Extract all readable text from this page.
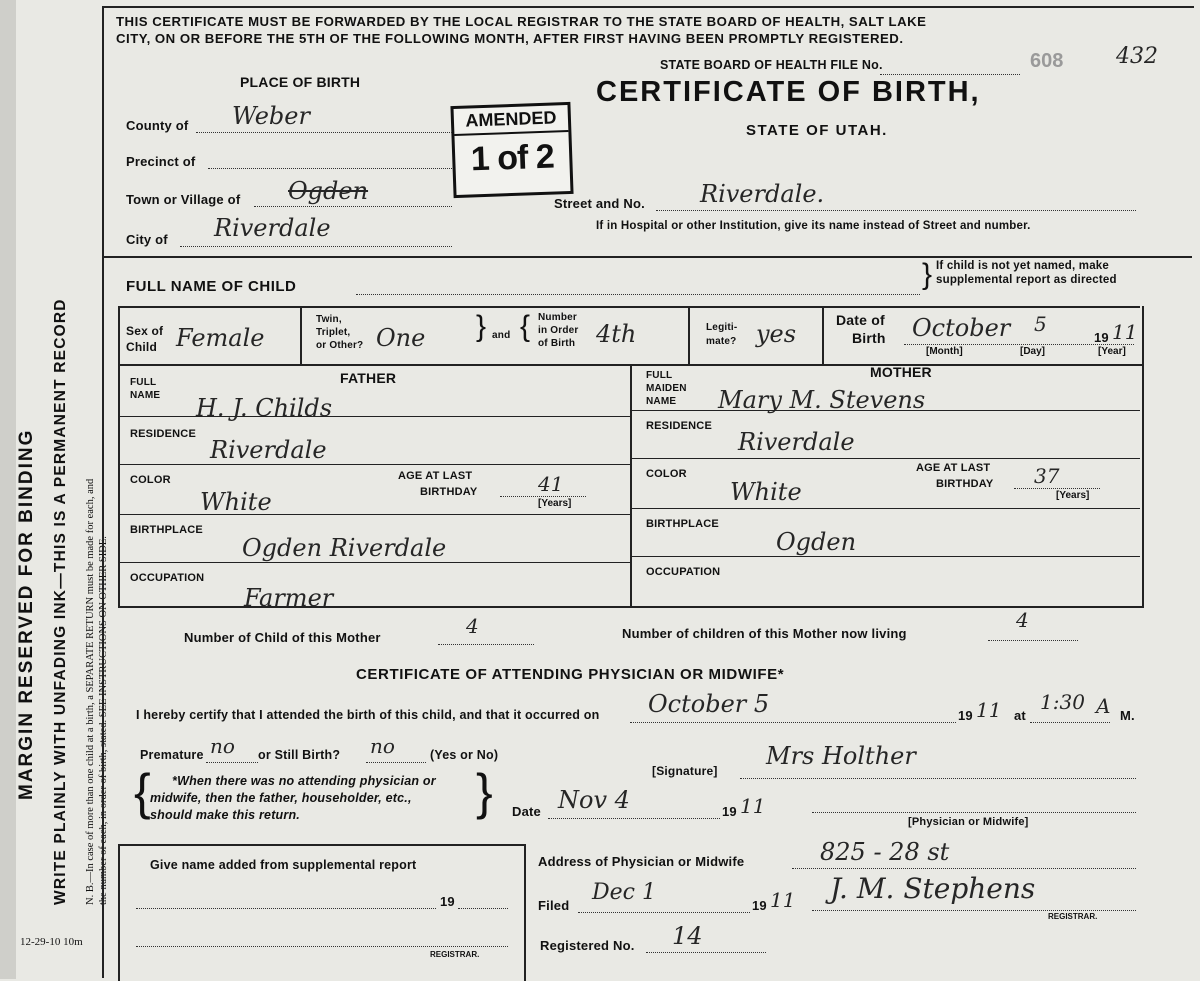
MARGIN RESERVED FOR BINDING WRITE PLAINLY WITH UNFADING INK—THIS IS A PERMANENT RECORD	N. B.—In case of more than one child at a birth, a SEPARATE RETURN must be made for each, and the number of each, in order of birth, stated. SEE INSTRUCTIONS ON OTHER SIDE.
12-29-10 10m
THIS CERTIFICATE MUST BE FORWARDED BY THE LOCAL REGISTRAR TO THE STATE BOARD OF HEALTH, SALT LAKE
CITY, ON OR BEFORE THE 5TH OF THE FOLLOWING MONTH, AFTER FIRST HAVING BEEN PROMPTLY REGISTERED.
STATE BOARD OF HEALTH FILE No.	608 432
CERTIFICATE OF BIRTH,
STATE OF UTAH.
AMENDED
1 of 2
PLACE OF BIRTH
County of Weber
Precinct of
Town or Village of Ogden
City of Riverdale
Street and No. Riverdale.
If in Hospital or other Institution, give its name instead of Street and number.
FULL NAME OF CHILD	} If child is not yet named, make
supplemental report as directed
Sex of
Child Female
Twin,
Triplet,
or Other? One } and { Number
in Order
of Birth 4th	Legiti-
mate? yes	Date of
Birth October 5
19 11
[Month]	[Day]	[Year]
FATHER
FULL
NAME H. J. Childs
RESIDENCE
Riverdale
COLOR
White
AGE AT LAST
BIRTHDAY	41
[Years]
BIRTHPLACE
Ogden Riverdale
OCCUPATION
Farmer
MOTHER
FULL
MAIDEN
NAME Mary M. Stevens
RESIDENCE
Riverdale
COLOR
White
AGE AT LAST
BIRTHDAY 37
[Years]
BIRTHPLACE
Ogden
OCCUPATION
Number of Child of this Mother	4	Number of children of this Mother now living
4
CERTIFICATE OF ATTENDING PHYSICIAN OR MIDWIFE*
I hereby certify that I attended the birth of this child, and that it occurred on October 5	19 11 at
1:30 A M.
Premature no or Still Birth? no	(Yes or No)
{ *When there was no attending physician or
midwife, then the father, householder, etc.,
should make this return.	}	[Signature]
Mrs Holther
Date Nov 4	19 11
[Physician or Midwife]
Address of Physician or Midwife	825 - 28 st
Give name added from supplemental report
19
REGISTRAR.
Filed
Dec 1
19 11 J. M. Stephens
REGISTRAR.
Registered No. 14
